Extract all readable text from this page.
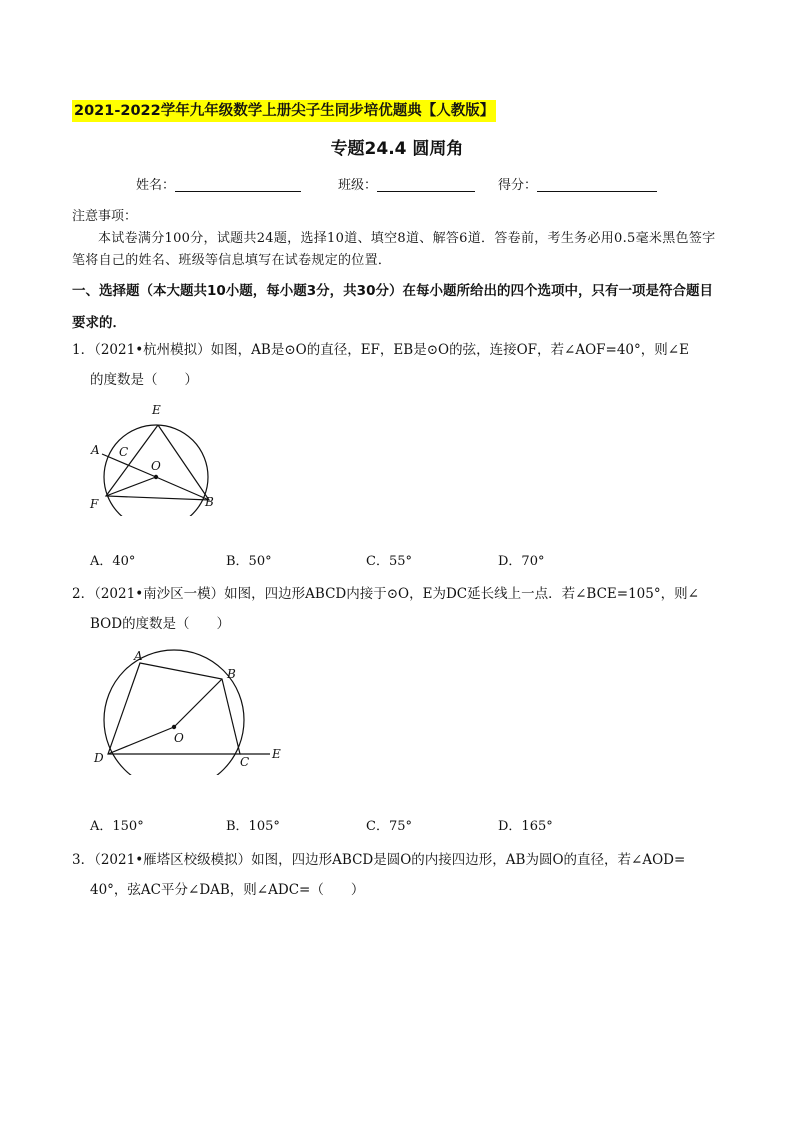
2021-2022学年九年级数学上册尖子生同步培优题典【人教版】
专题24.4 圆周角
姓名：	班级：	得分：
注意事项：
本试卷满分100分，试题共24题，选择10道、填空8道、解答6道．答卷前，考生务必用0.5毫米黑色签字笔将自己的姓名、班级等信息填写在试卷规定的位置．
一、选择题（本大题共10小题，每小题3分，共30分）在每小题所给出的四个选项中，只有一项是符合题目要求的．
1．（2021•杭州模拟）如图，AB是⊙O的直径，EF，EB是⊙O的弦，连接OF，若∠AOF=40°，则∠E
的度数是（　　）
E
A C
O
F	B
A．40°	B．50°	C．55°	D．70°
2．（2021•南沙区一模）如图，四边形ABCD内接于⊙O，E为DC延长线上一点．若∠BCE=105°，则∠
BOD的度数是（　　）
A
B
O
D	C
E
A．150°	B．105°	C．75°	D．165°
3．（2021•雁塔区校级模拟）如图，四边形ABCD是圆O的内接四边形，AB为圆O的直径，若∠AOD=
40°，弦AC平分∠DAB，则∠ADC=（　　）
